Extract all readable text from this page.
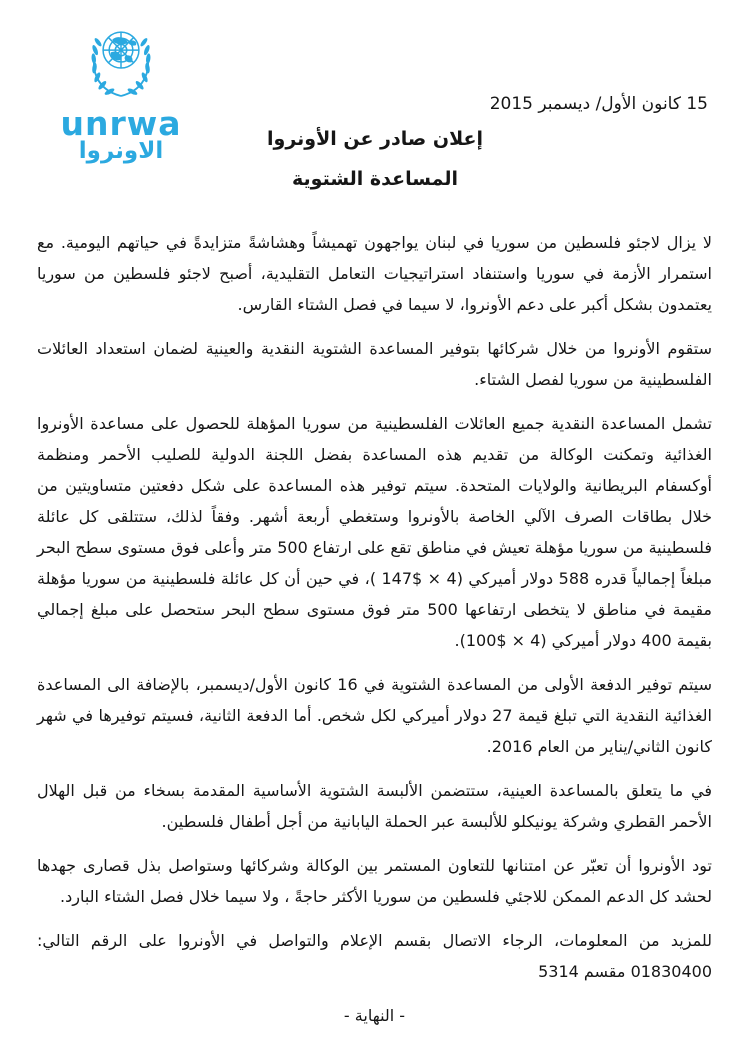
unrwa
الاونروا
15 كانون الأول/ ديسمبر 2015
إعلان صادر عن الأونروا
المساعدة الشتوية

لا يزال لاجئو فلسطين من سوريا في لبنان يواجهون تهميشاً وهشاشةً متزايدةً في حياتهم اليومية. مع استمرار الأزمة في سوريا واستنفاد استراتيجيات التعامل التقليدية، أصبح لاجئو فلسطين من سوريا يعتمدون بشكل أكبر على دعم الأونروا، لا سيما في فصل الشتاء القارس.

ستقوم الأونروا من خلال شركائها بتوفير المساعدة الشتوية النقدية والعينية لضمان استعداد العائلات الفلسطينية من سوريا لفصل الشتاء.

تشمل المساعدة النقدية جميع العائلات الفلسطينية من سوريا المؤهلة للحصول على مساعدة الأونروا الغذائية وتمكنت الوكالة من تقديم هذه المساعدة بفضل اللجنة الدولية للصليب الأحمر ومنظمة أوكسفام البريطانية والولايات المتحدة. سيتم توفير هذه المساعدة على شكل دفعتين متساويتين من خلال بطاقات الصرف الآلي الخاصة بالأونروا وستغطي أربعة أشهر. وفقاً لذلك، ستتلقى كل عائلة فلسطينية من سوريا مؤهلة تعيش في مناطق تقع على ارتفاع 500 متر وأعلى فوق مستوى سطح البحر مبلغاً إجمالياً قدره 588 دولار أميركي ⁦( 147$ × 4)⁩، في حين أن كل عائلة فلسطينية من سوريا مؤهلة مقيمة في مناطق لا يتخطى ارتفاعها 500 متر فوق مستوى سطح البحر ستحصل على مبلغ إجمالي بقيمة 400 دولار أميركي ⁦(100$ × 4)⁩.

سيتم توفير الدفعة الأولى من المساعدة الشتوية في 16 كانون الأول/ديسمبر، بالإضافة الى المساعدة الغذائية النقدية التي تبلغ قيمة 27 دولار أميركي لكل شخص. أما الدفعة الثانية، فسيتم توفيرها في شهر كانون الثاني/يناير من العام 2016.

في ما يتعلق بالمساعدة العينية، ستتضمن الألبسة الشتوية الأساسية المقدمة بسخاء من قبل الهلال الأحمر القطري وشركة يونيكلو للألبسة عبر الحملة اليابانية من أجل أطفال فلسطين.

تود الأونروا أن تعبّر عن امتنانها للتعاون المستمر بين الوكالة وشركائها وستواصل بذل قصارى جهدها لحشد كل الدعم الممكن للاجئي فلسطين من سوريا الأكثر حاجةً ، ولا سيما خلال فصل الشتاء البارد.

للمزيد من المعلومات، الرجاء الاتصال بقسم الإعلام والتواصل في الأونروا على الرقم التالي: 01830400 مقسم 5314

- النهاية -
